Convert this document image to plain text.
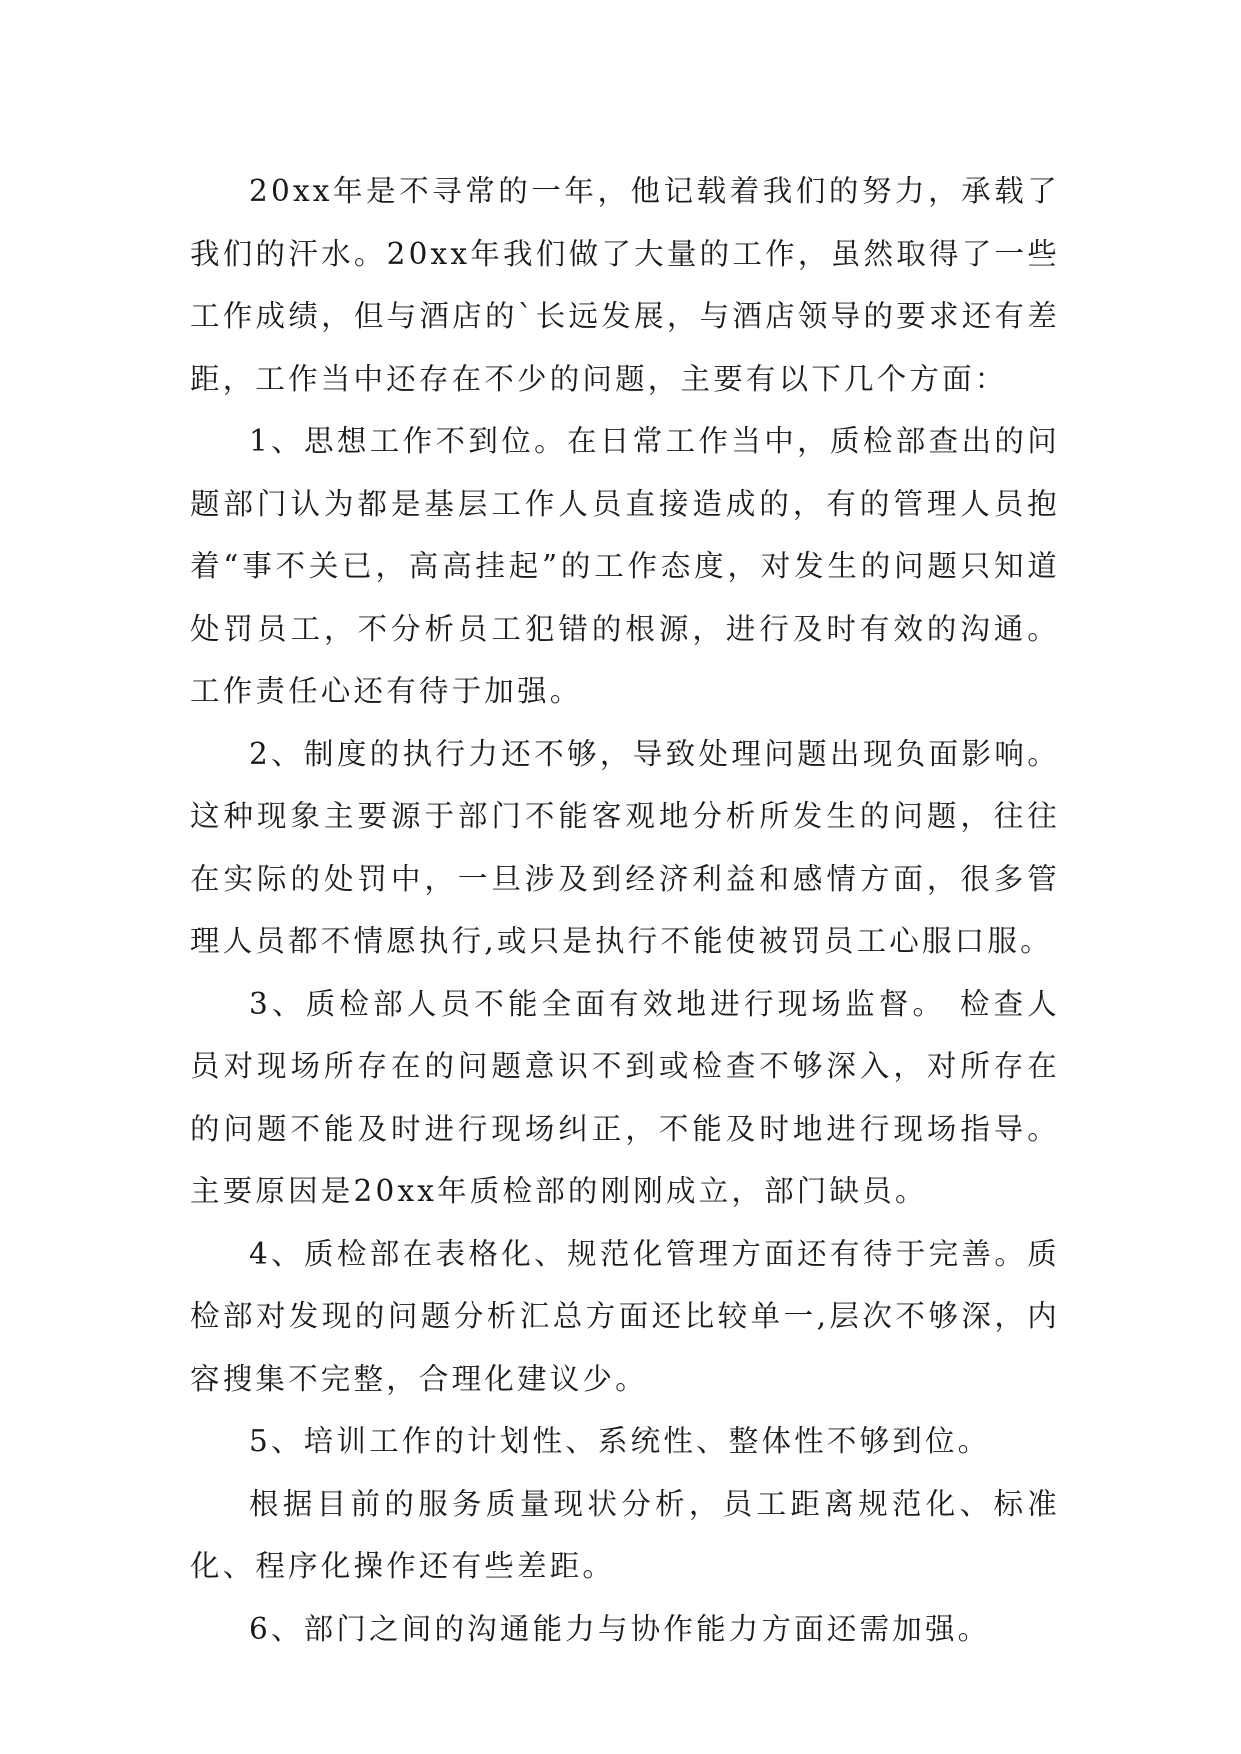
20xx年是不寻常的一年，他记载着我们的努力，承载了我们的汗水。20xx年我们做了大量的工作，虽然取得了一些工作成绩，但与酒店的`长远发展，与酒店领导的要求还有差距，工作当中还存在不少的问题，主要有以下几个方面：

1、思想工作不到位。在日常工作当中，质检部查出的问题部门认为都是基层工作人员直接造成的，有的管理人员抱着“事不关已，高高挂起”的工作态度，对发生的问题只知道处罚员工，不分析员工犯错的根源，进行及时有效的沟通。工作责任心还有待于加强。

2、制度的执行力还不够，导致处理问题出现负面影响。这种现象主要源于部门不能客观地分析所发生的问题，往往在实际的处罚中，一旦涉及到经济利益和感情方面，很多管理人员都不情愿执行,或只是执行不能使被罚员工心服口服。

3、质检部人员不能全面有效地进行现场监督。 检查人员对现场所存在的问题意识不到或检查不够深入，对所存在的问题不能及时进行现场纠正，不能及时地进行现场指导。主要原因是20xx年质检部的刚刚成立，部门缺员。

4、质检部在表格化、规范化管理方面还有待于完善。质检部对发现的问题分析汇总方面还比较单一,层次不够深，内容搜集不完整，合理化建议少。

5、培训工作的计划性、系统性、整体性不够到位。

根据目前的服务质量现状分析，员工距离规范化、标准化、程序化操作还有些差距。

6、部门之间的沟通能力与协作能力方面还需加强。
